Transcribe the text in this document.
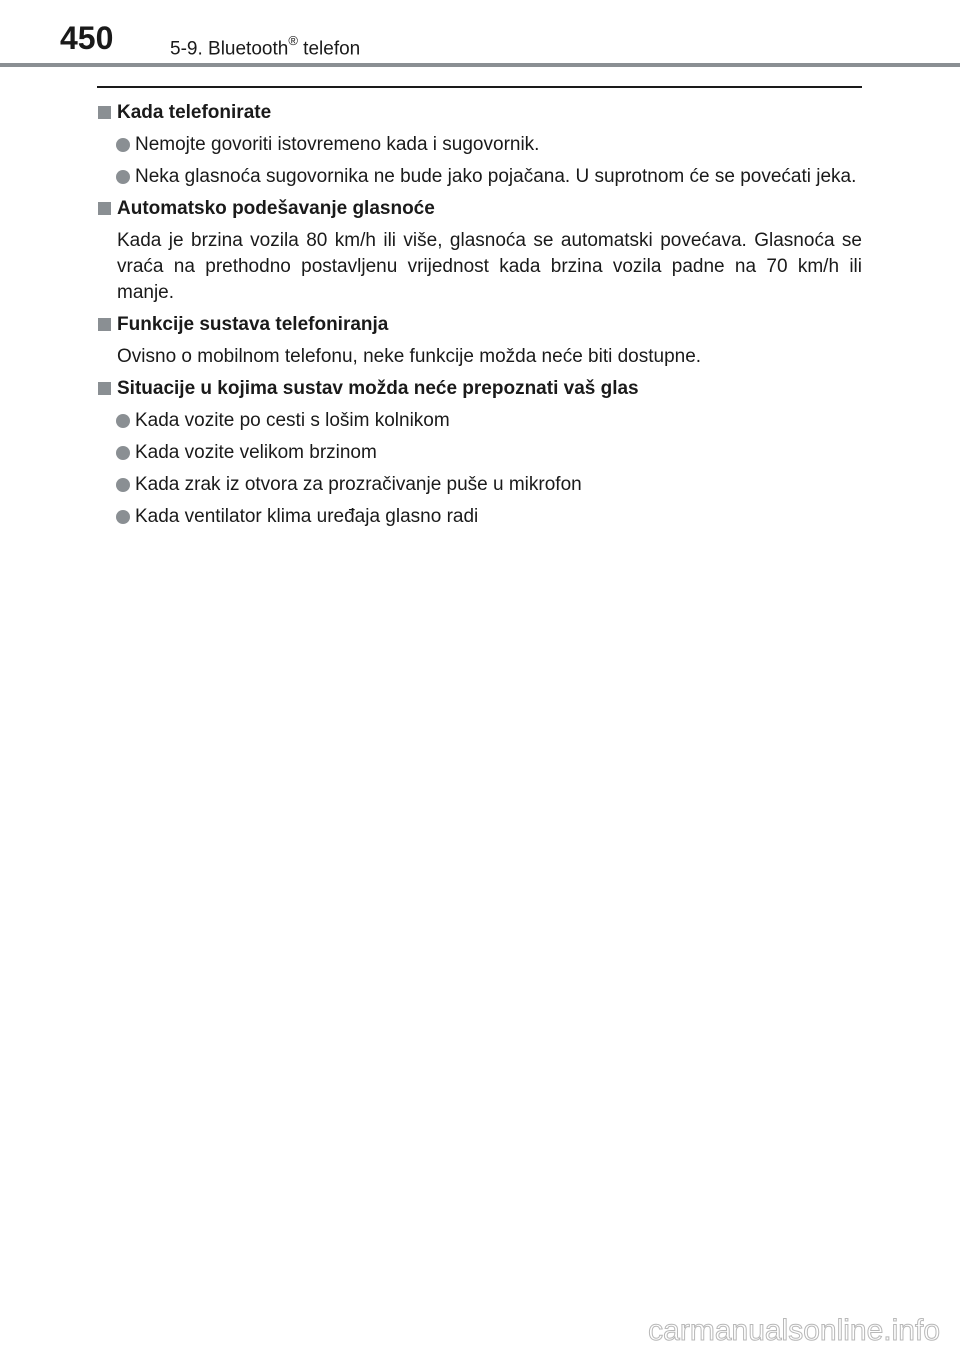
450	5-9. Bluetooth® telefon
Kada telefonirate
Nemojte govoriti istovremeno kada i sugovornik.
Neka glasnoća sugovornika ne bude jako pojačana. U suprotnom će se povećati jeka.
Automatsko podešavanje glasnoće
Kada je brzina vozila 80 km/h ili više, glasnoća se automatski povećava. Glasnoća se vraća na prethodno postavljenu vrijednost kada brzina vozila padne na 70 km/h ili manje.
Funkcije sustava telefoniranja
Ovisno o mobilnom telefonu, neke funkcije možda neće biti dostupne.
Situacije u kojima sustav možda neće prepoznati vaš glas
Kada vozite po cesti s lošim kolnikom
Kada vozite velikom brzinom
Kada zrak iz otvora za prozračivanje puše u mikrofon
Kada ventilator klima uređaja glasno radi
carmanualsonline.info
